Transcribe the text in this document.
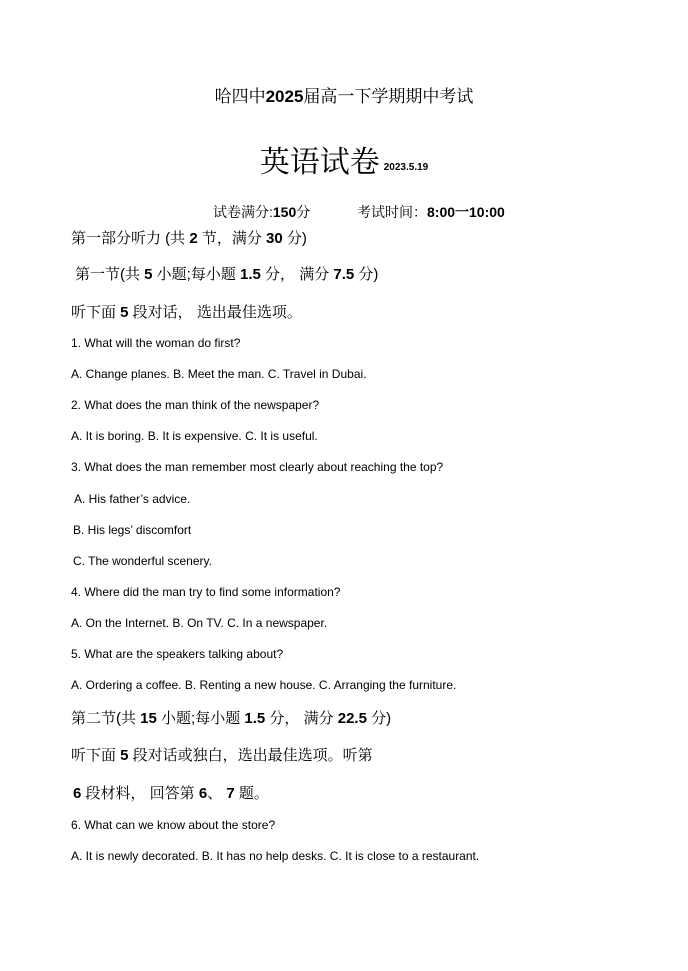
哈四中2025届高一下学期期中考试
英语试卷 2023.5.19
试卷满分:150分	考试时间：8:00一10:00
第一部分听力 (共 2 节，满分 30 分)
第一节(共 5 小题;每小题 1.5 分， 满分 7.5 分)
听下面 5 段对话， 选出最佳选项。
1. What will the woman do first?
A. Change planes. B. Meet the man. C. Travel in Dubai.
2. What does the man think of the newspaper?
A. It is boring. B. It is expensive. C. It is useful.
3. What does the man remember most clearly about reaching the top?
A. His father’s advice.
B. His legs’ discomfort
C. The wonderful scenery.
4. Where did the man try to find some information?
A. On the Internet. B. On TV. C. In a newspaper.
5. What are the speakers talking about?
A. Ordering a coffee. B. Renting a new house. C. Arranging the furniture.
第二节(共 15 小题;每小题 1.5 分， 满分 22.5 分)
听下面 5 段对话或独白，选出最佳选项。听第
6 段材料， 回答第 6、 7 题。
6. What can we know about the store?
A. It is newly decorated. B. It has no help desks. C. It is close to a restaurant.
